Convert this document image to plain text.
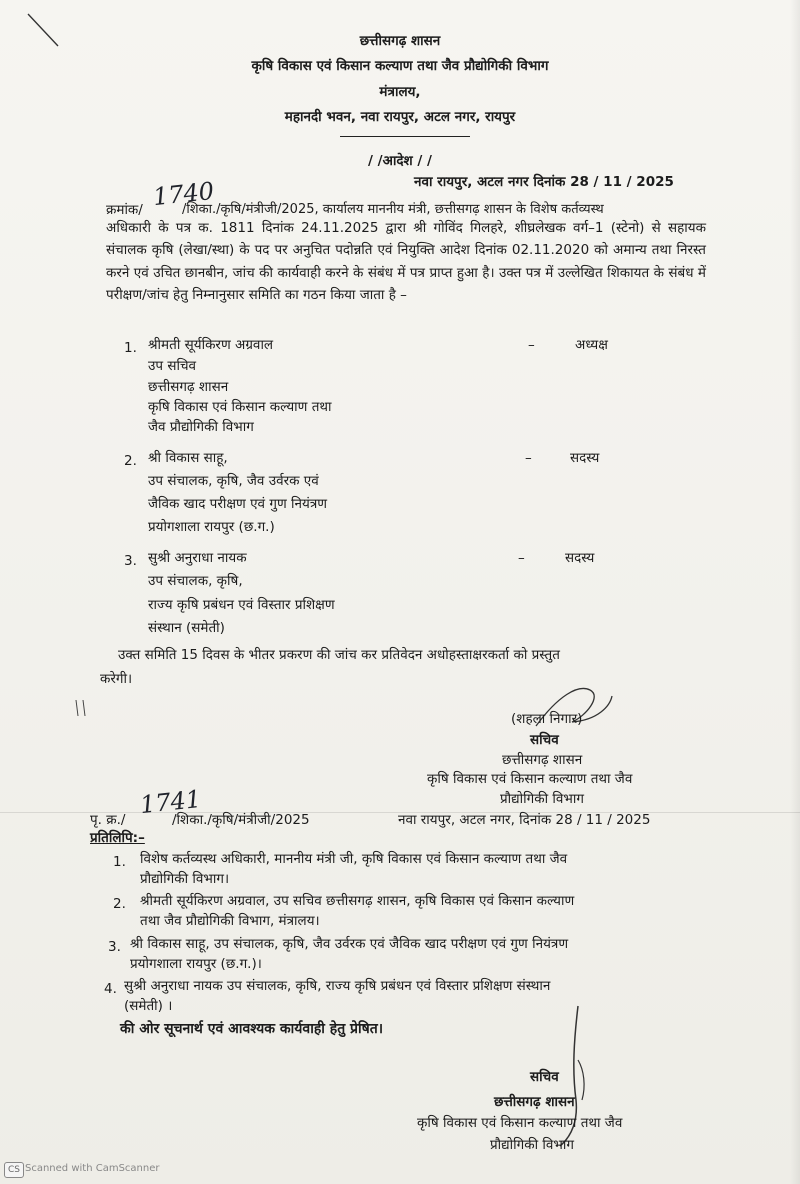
छत्तीसगढ़ शासन
कृषि विकास एवं किसान कल्याण तथा जैव प्रौद्योगिकी विभाग
मंत्रालय,
महानदी भवन, नवा रायपुर, अटल नगर, रायपुर
/ /आदेश / /
नवा रायपुर, अटल नगर दिनांक 28 / 11 / 2025
क्रमांक/ 1740
/शिका./कृषि/मंत्रीजी/2025, कार्यालय माननीय मंत्री, छत्तीसगढ़ शासन के विशेष कर्तव्यस्थ
अधिकारी के पत्र क. 1811 दिनांक 24.11.2025 द्वारा श्री गोविंद गिलहरे, शीघ्रलेखक वर्ग–1 (स्टेनो) से सहायक संचालक कृषि (लेखा/स्था) के पद पर अनुचित पदोन्नति एवं नियुक्ति आदेश दिनांक 02.11.2020 को अमान्य तथा निरस्त करने एवं उचित छानबीन, जांच की कार्यवाही करने के संबंध में पत्र प्राप्त हुआ है। उक्त पत्र में उल्लेखित शिकायत के संबंध में परीक्षण/जांच हेतु निम्नानुसार समिति का गठन किया जाता है –
1. श्रीमती सूर्यकिरण अग्रवाल
उप सचिव
छत्तीसगढ़ शासन
कृषि विकास एवं किसान कल्याण तथा
जैव प्रौद्योगिकी विभाग
–	अध्यक्ष
2. श्री विकास साहू,
उप संचालक, कृषि, जैव उर्वरक एवं
जैविक खाद परीक्षण एवं गुण नियंत्रण
प्रयोगशाला रायपुर (छ.ग.)
–	सदस्य
3. सुश्री अनुराधा नायक
उप संचालक, कृषि,
राज्य कृषि प्रबंधन एवं विस्तार प्रशिक्षण
संस्थान (समेती)
–	सदस्य
उक्त समिति 15 दिवस के भीतर प्रकरण की जांच कर प्रतिवेदन अधोहस्ताक्षरकर्ता को प्रस्तुत
करेगी।
(शहला निगार)
सचिव
छत्तीसगढ़ शासन
कृषि विकास एवं किसान कल्याण तथा जैव
प्रौद्योगिकी विभाग
पृ. क्र./
1741
/शिका./कृषि/मंत्रीजी/2025	नवा रायपुर, अटल नगर, दिनांक 28 / 11 / 2025
प्रतिलिपि:–
1. विशेष कर्तव्यस्थ अधिकारी, माननीय मंत्री जी, कृषि विकास एवं किसान कल्याण तथा जैव
प्रौद्योगिकी विभाग।
2. श्रीमती सूर्यकिरण अग्रवाल, उप सचिव छत्तीसगढ़ शासन, कृषि विकास एवं किसान कल्याण
तथा जैव प्रौद्योगिकी विभाग, मंत्रालय।
3. श्री विकास साहू, उप संचालक, कृषि, जैव उर्वरक एवं जैविक खाद परीक्षण एवं गुण नियंत्रण
प्रयोगशाला रायपुर (छ.ग.)।
4. सुश्री अनुराधा नायक उप संचालक, कृषि, राज्य कृषि प्रबंधन एवं विस्तार प्रशिक्षण संस्थान
(समेती) ।
की ओर सूचनार्थ एवं आवश्यक कार्यवाही हेतु प्रेषित।
सचिव
छत्तीसगढ़ शासन
कृषि विकास एवं किसान कल्याण तथा जैव
प्रौद्योगिकी विभाग
CS Scanned with CamScanner
